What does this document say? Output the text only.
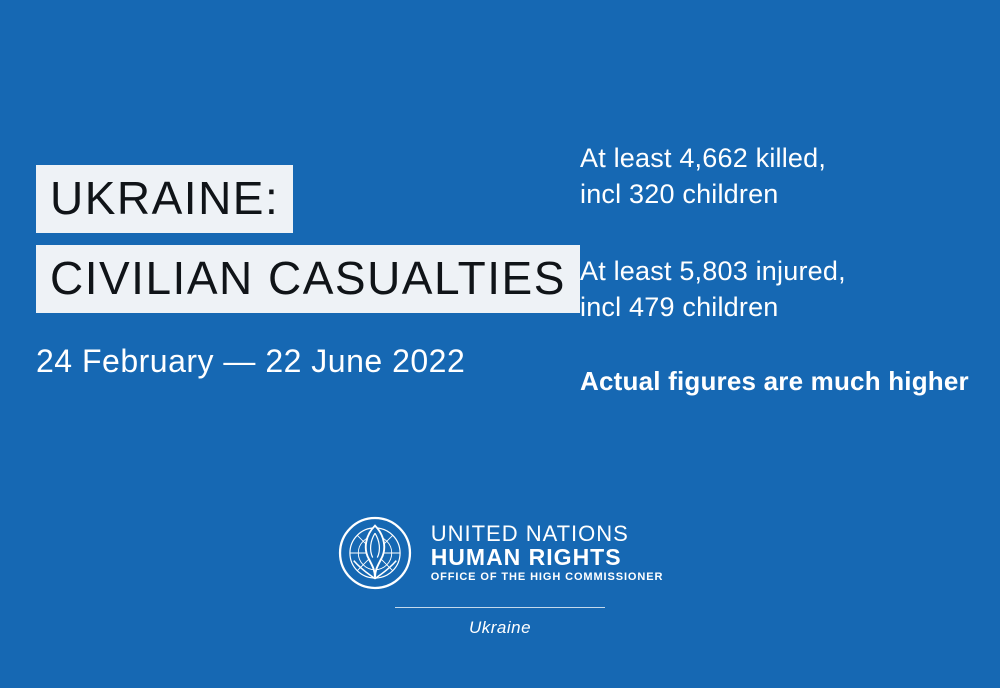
UKRAINE: CIVILIAN CASUALTIES
24 February — 22 June 2022
At least 4,662 killed,
incl 320 children
At least 5,803 injured,
incl 479 children
Actual figures are much higher
UNITED NATIONS
HUMAN RIGHTS
OFFICE OF THE HIGH COMMISSIONER
Ukraine
